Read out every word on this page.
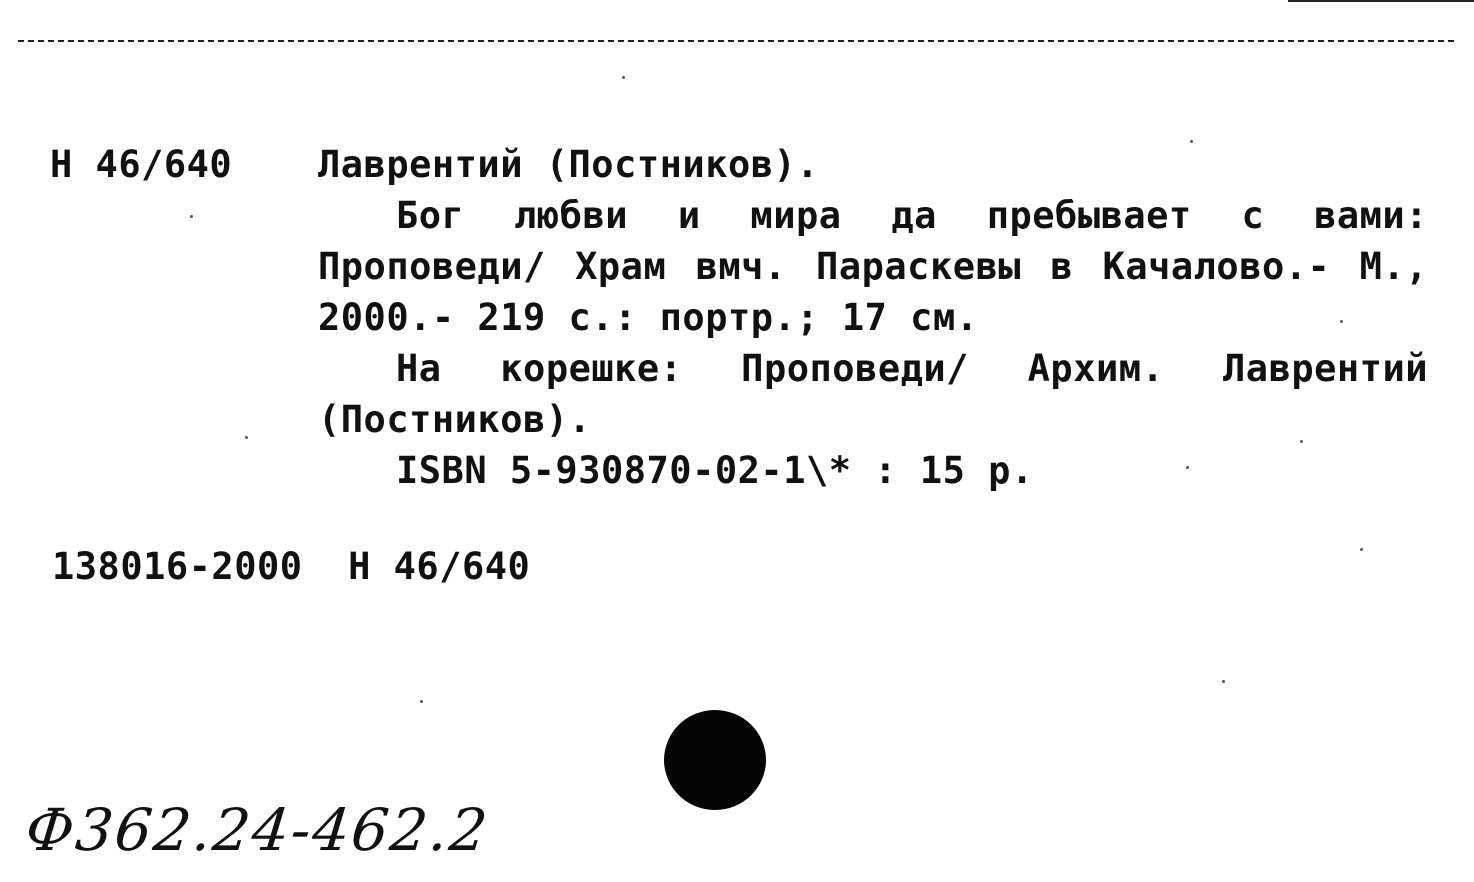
Н 46/640 Лаврентий (Постников).

Бог любви и мира да пребывает с вами: Проповеди/ Храм вмч. Параскевы в Качалово.- М., 2000.- 219 с.: портр.; 17 см.

На корешке: Проповеди/ Архим. Лаврентий (Постников).

ISBN 5-930870-02-1\* : 15 р.

138016-2000  Н 46/640
Ф362.24-462.2
